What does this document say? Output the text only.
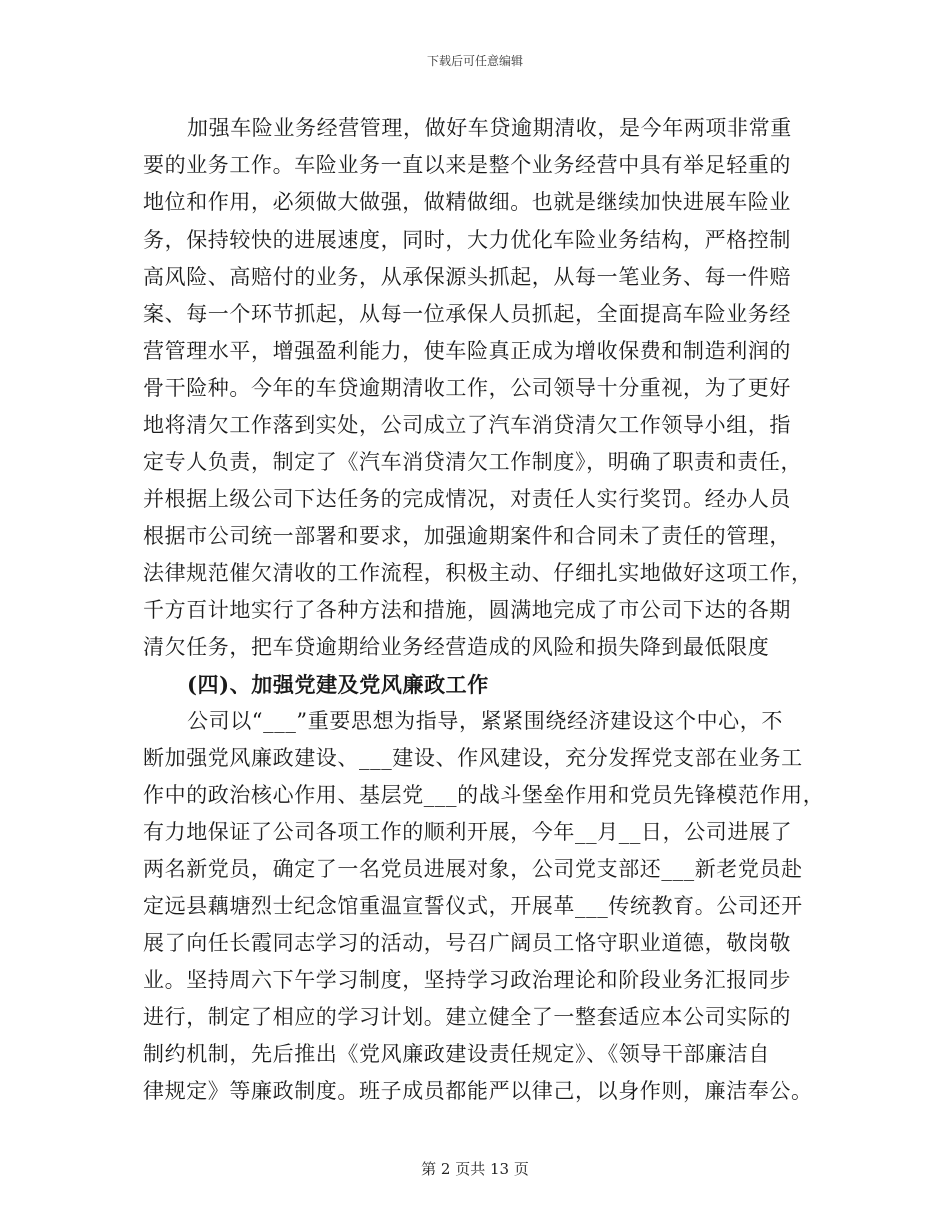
下载后可任意编辑
加强车险业务经营管理，做好车贷逾期清收，是今年两项非常重
要的业务工作。车险业务一直以来是整个业务经营中具有举足轻重的
地位和作用，必须做大做强，做精做细。也就是继续加快进展车险业
务，保持较快的进展速度，同时，大力优化车险业务结构，严格控制
高风险、高赔付的业务，从承保源头抓起，从每一笔业务、每一件赔
案、每一个环节抓起，从每一位承保人员抓起，全面提高车险业务经
营管理水平，增强盈利能力，使车险真正成为增收保费和制造利润的
骨干险种。今年的车贷逾期清收工作，公司领导十分重视，为了更好
地将清欠工作落到实处，公司成立了汽车消贷清欠工作领导小组，指
定专人负责，制定了《汽车消贷清欠工作制度》，明确了职责和责任，
并根据上级公司下达任务的完成情况，对责任人实行奖罚。经办人员
根据市公司统一部署和要求，加强逾期案件和合同未了责任的管理，
法律规范催欠清收的工作流程，积极主动、仔细扎实地做好这项工作，
千方百计地实行了各种方法和措施，圆满地完成了市公司下达的各期
清欠任务，把车贷逾期给业务经营造成的风险和损失降到最低限度
(四)、加强党建及党风廉政工作
公司以“___”重要思想为指导，紧紧围绕经济建设这个中心，不
断加强党风廉政建设、___建设、作风建设，充分发挥党支部在业务工
作中的政治核心作用、基层党___的战斗堡垒作用和党员先锋模范作用，
有力地保证了公司各项工作的顺利开展，今年__月__日，公司进展了
两名新党员，确定了一名党员进展对象，公司党支部还___新老党员赴
定远县藕塘烈士纪念馆重温宣誓仪式，开展革___传统教育。公司还开
展了向任长霞同志学习的活动，号召广阔员工恪守职业道德，敬岗敬
业。坚持周六下午学习制度，坚持学习政治理论和阶段业务汇报同步
进行，制定了相应的学习计划。建立健全了一整套适应本公司实际的
制约机制，先后推出《党风廉政建设责任规定》、《领导干部廉洁自
律规定》等廉政制度。班子成员都能严以律己，以身作则，廉洁奉公。
第 2 页共 13 页
